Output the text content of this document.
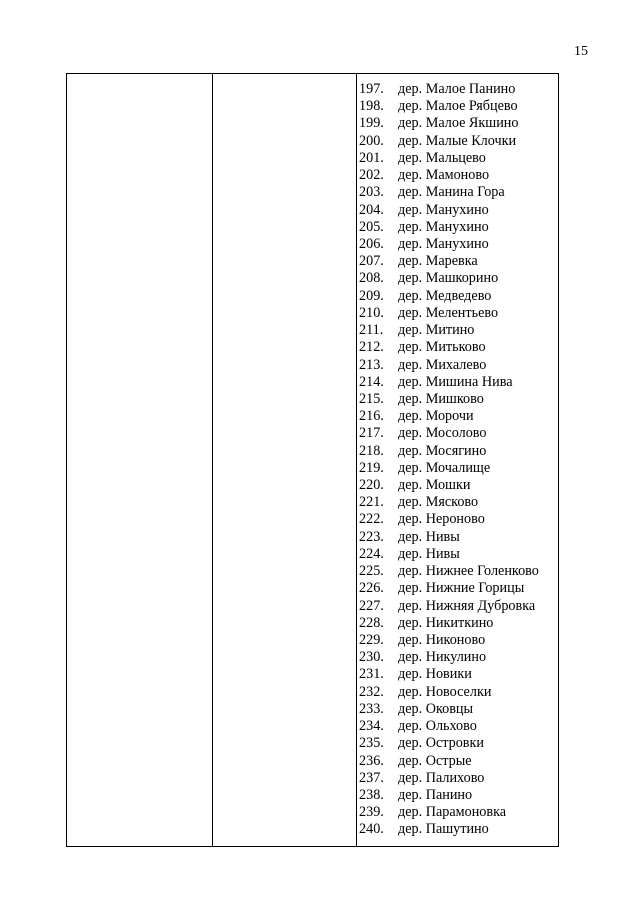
15
197. дер. Малое Панино
198. дер. Малое Рябцево
199. дер. Малое Якшино
200. дер. Малые Клочки
201. дер. Мальцево
202. дер. Мамоново
203. дер. Манина Гора
204. дер. Манухино
205. дер. Манухино
206. дер. Манухино
207. дер. Маревка
208. дер. Машкорино
209. дер. Медведево
210. дер. Мелентьево
211.	дер. Митино
212. дер. Митьково
213. дер. Михалево
214. дер. Мишина Нива
215. дер. Мишково
216. дер. Морочи
217. дер. Мосолово
218. дер. Мосягино
219. дер. Мочалище
220. дер. Мошки
221. дер. Мясково
222. дер. Нероново
223. дер. Нивы
224. дер. Нивы
225. дер. Нижнее Голенково
226. дер. Нижние Горицы
227. дер. Нижняя Дубровка
228. дер. Никиткино
229. дер. Никоново
230. дер. Никулино
231. дер. Новики
232. дер. Новоселки
233. дер. Оковцы
234. дер. Ольхово
235. дер. Островки
236. дер. Острые
237. дер. Палихово
238. дер. Панино
239. дер. Парамоновка
240. дер. Пашутино
